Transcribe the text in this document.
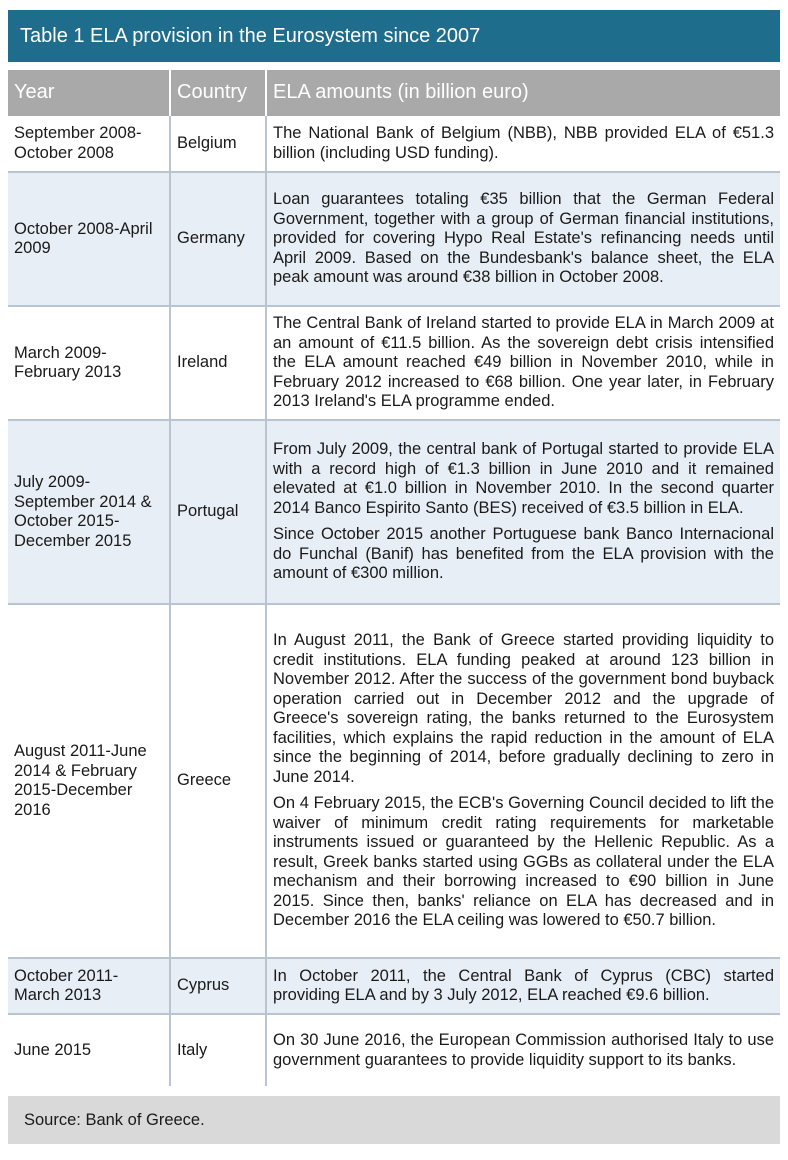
Table 1 ELA provision in the Eurosystem since 2007
Year	Country	ELA amounts (in billion euro)
September 2008-October 2008	Belgium	The National Bank of Belgium (NBB), NBB provided ELA of €51.3 billion (including USD funding).

October 2008-April 2009	Germany	Loan guarantees totaling €35 billion that the German Federal Government, together with a group of German financial institutions, provided for covering Hypo Real Estate's refinancing needs until April 2009. Based on the Bundesbank's balance sheet, the ELA peak amount was around €38 billion in October 2008.

March 2009-February 2013	Ireland	The Central Bank of Ireland started to provide ELA in March 2009 at an amount of €11.5 billion. As the sovereign debt crisis intensified the ELA amount reached €49 billion in November 2010, while in February 2012 increased to €68 billion. One year later, in February 2013 Ireland's ELA programme ended.

July 2009-September 2014 & October 2015-December 2015	Portugal	From July 2009, the central bank of Portugal started to provide ELA with a record high of €1.3 billion in June 2010 and it remained elevated at €1.0 billion in November 2010. In the second quarter 2014 Banco Espirito Santo (BES) received of €3.5 billion in ELA.

Since October 2015 another Portuguese bank Banco Internacional do Funchal (Banif) has benefited from the ELA provision with the amount of €300 million.

August 2011-June 2014 & February 2015-December 2016	Greece	In August 2011, the Bank of Greece started providing liquidity to credit institutions. ELA funding peaked at around 123 billion in November 2012. After the success of the government bond buyback operation carried out in December 2012 and the upgrade of Greece's sovereign rating, the banks returned to the Eurosystem facilities, which explains the rapid reduction in the amount of ELA since the beginning of 2014, before gradually declining to zero in June 2014.

On 4 February 2015, the ECB's Governing Council decided to lift the waiver of minimum credit rating requirements for marketable instruments issued or guaranteed by the Hellenic Republic. As a result, Greek banks started using GGBs as collateral under the ELA mechanism and their borrowing increased to €90 billion in June 2015. Since then, banks' reliance on ELA has decreased and in December 2016 the ELA ceiling was lowered to €50.7 billion.

October 2011-March 2013	Cyprus	In October 2011, the Central Bank of Cyprus (CBC) started providing ELA and by 3 July 2012, ELA reached €9.6 billion.

June 2015	Italy	On 30 June 2016, the European Commission authorised Italy to use government guarantees to provide liquidity support to its banks.

Source: Bank of Greece.
